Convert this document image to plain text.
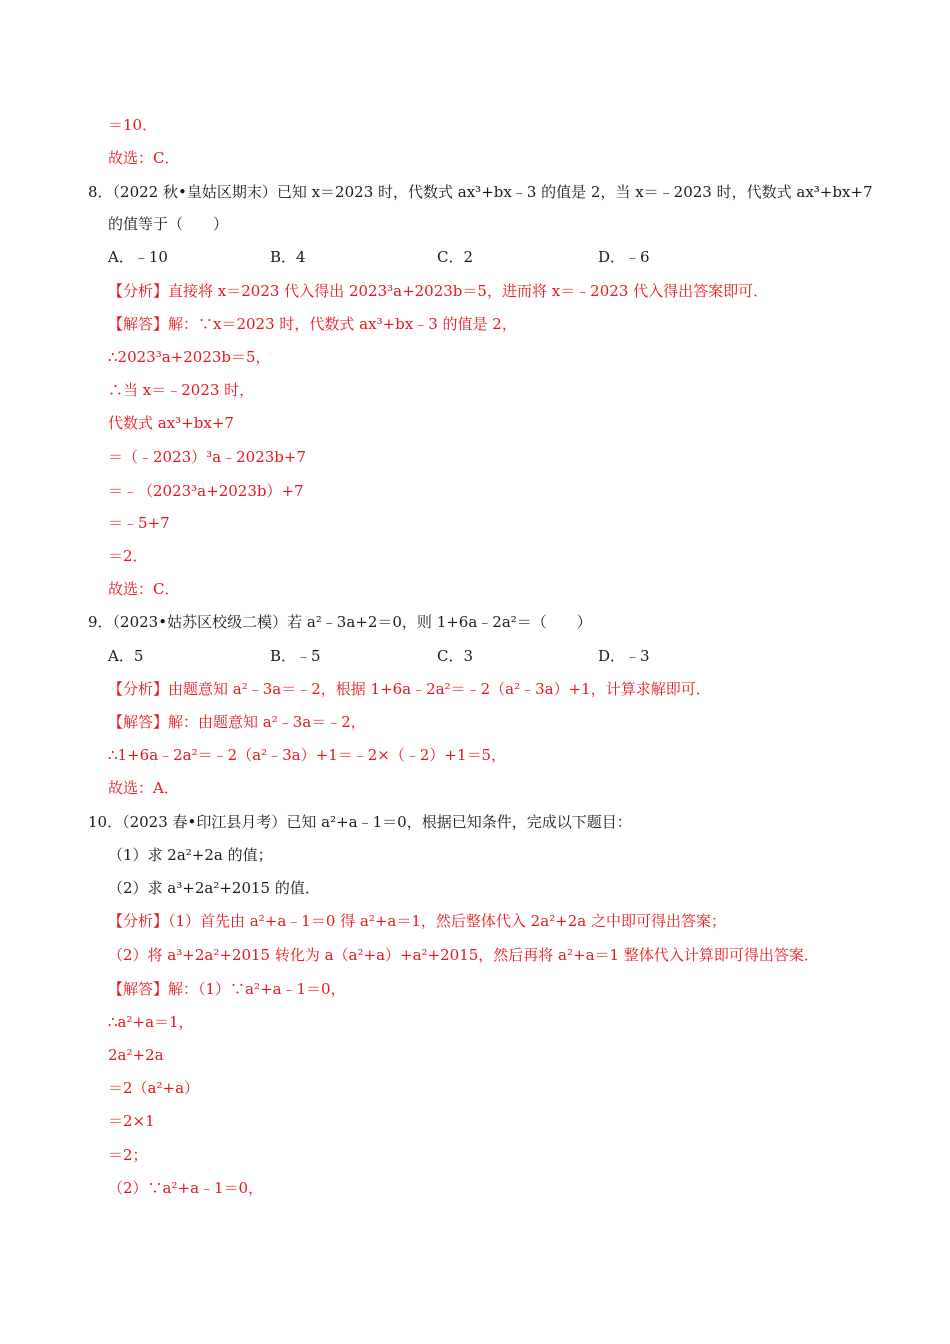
＝10．
故选：C．
8．（2022 秋•皇姑区期末）已知 x＝2023 时，代数式 ax³+bx﹣3 的值是 2，当 x＝﹣2023 时，代数式 ax³+bx+7
的值等于（　　）
A．﹣10	B．4	C．2	D．﹣6
【分析】直接将 x＝2023 代入得出 2023³a+2023b＝5，进而将 x＝﹣2023 代入得出答案即可．
【解答】解：∵x＝2023 时，代数式 ax³+bx﹣3 的值是 2，
∴2023³a+2023b＝5，
∴当 x＝﹣2023 时，
代数式 ax³+bx+7
＝（﹣2023）³a﹣2023b+7
＝﹣（2023³a+2023b）+7
＝﹣5+7
＝2．
故选：C．
9．（2023•姑苏区校级二模）若 a²﹣3a+2＝0，则 1+6a﹣2a²＝（　　）
A．5	B．﹣5	C．3	D．﹣3
【分析】由题意知 a²﹣3a＝﹣2，根据 1+6a﹣2a²＝﹣2（a²﹣3a）+1，计算求解即可．
【解答】解：由题意知 a²﹣3a＝﹣2，
∴1+6a﹣2a²＝﹣2（a²﹣3a）+1＝﹣2×（﹣2）+1＝5，
故选：A．
10．（2023 春•印江县月考）已知 a²+a﹣1＝0，根据已知条件，完成以下题目：
（1）求 2a²+2a 的值；
（2）求 a³+2a²+2015 的值．
【分析】（1）首先由 a²+a﹣1＝0 得 a²+a＝1，然后整体代入 2a²+2a 之中即可得出答案；
（2）将 a³+2a²+2015 转化为 a（a²+a）+a²+2015，然后再将 a²+a＝1 整体代入计算即可得出答案．
【解答】解：（1）∵a²+a﹣1＝0，
∴a²+a＝1，
2a²+2a
＝2（a²+a）
＝2×1
＝2；
（2）∵a²+a﹣1＝0，
